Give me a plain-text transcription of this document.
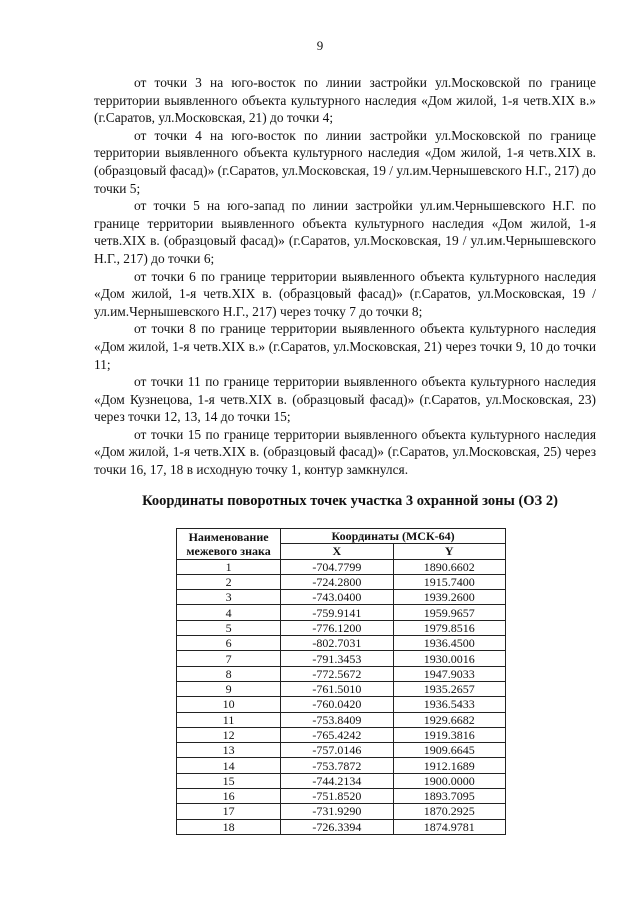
9

от точки 3 на юго-восток по линии застройки ул.Московской по границе территории выявленного объекта культурного наследия «Дом жилой, 1-я четв.XIX в.» (г.Саратов, ул.Московская, 21) до точки 4;

от точки 4 на юго-восток по линии застройки ул.Московской по границе территории выявленного объекта культурного наследия «Дом жилой, 1-я четв.XIX в. (образцовый фасад)» (г.Саратов, ул.Московская, 19 / ул.им.Чернышевского Н.Г., 217) до точки 5;

от точки 5 на юго-запад по линии застройки ул.им.Чернышевского Н.Г. по границе территории выявленного объекта культурного наследия «Дом жилой, 1-я четв.XIX в. (образцовый фасад)» (г.Саратов, ул.Московская, 19 / ул.им.Чернышевского Н.Г., 217) до точки 6;

от точки 6 по границе территории выявленного объекта культурного наследия «Дом жилой, 1-я четв.XIX в. (образцовый фасад)» (г.Саратов, ул.Московская, 19 / ул.им.Чернышевского Н.Г., 217) через точку 7 до точки 8;

от точки 8 по границе территории выявленного объекта культурного наследия «Дом жилой, 1-я четв.XIX в.» (г.Саратов, ул.Московская, 21) через точки 9, 10 до точки 11;

от точки 11 по границе территории выявленного объекта культурного наследия «Дом Кузнецова, 1-я четв.XIX в. (образцовый фасад)» (г.Саратов, ул.Московская, 23) через точки 12, 13, 14 до точки 15;

от точки 15 по границе территории выявленного объекта культурного наследия «Дом жилой, 1-я четв.XIX в. (образцовый фасад)» (г.Саратов, ул.Московская, 25) через точки 16, 17, 18 в исходную точку 1, контур замкнулся.

Координаты поворотных точек участка 3 охранной зоны (ОЗ 2)
Наименование межевого знака	Координаты (МСК-64)	
	X	Y
1	-704.7799	1890.6602
2	-724.2800	1915.7400
3	-743.0400	1939.2600
4	-759.9141	1959.9657
5	-776.1200	1979.8516
6	-802.7031	1936.4500
7	-791.3453	1930.0016
8	-772.5672	1947.9033
9	-761.5010	1935.2657
10	-760.0420	1936.5433
11	-753.8409	1929.6682
12	-765.4242	1919.3816
13	-757.0146	1909.6645
14	-753.7872	1912.1689
15	-744.2134	1900.0000
16	-751.8520	1893.7095
17	-731.9290	1870.2925
18	-726.3394	1874.9781
